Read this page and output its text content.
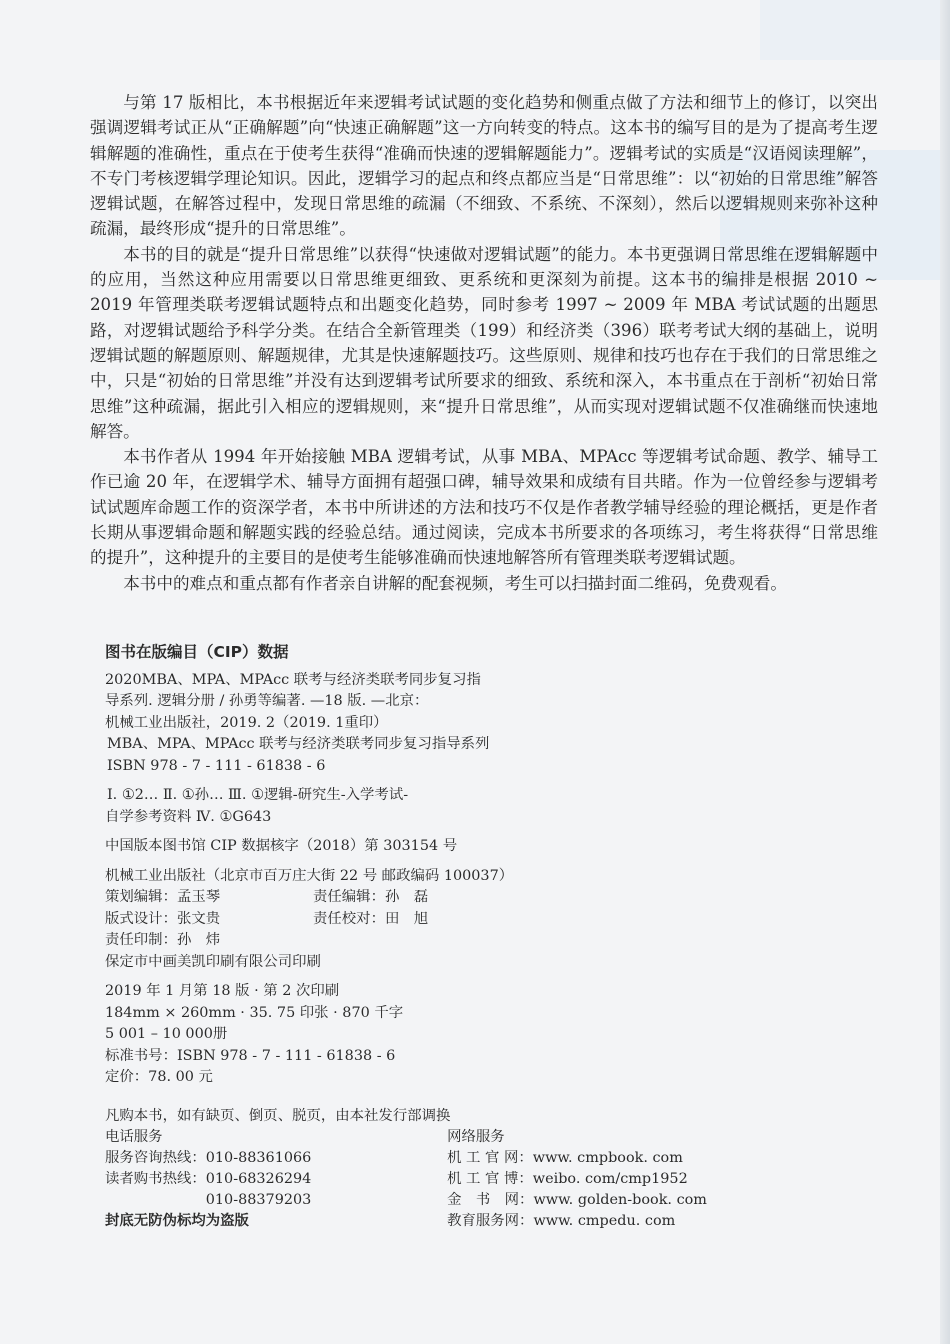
与第 17 版相比，本书根据近年来逻辑考试试题的变化趋势和侧重点做了方法和细节上的修订，以突出强调逻辑考试正从“正确解题”向“快速正确解题”这一方向转变的特点。这本书的编写目的是为了提高考生逻辑解题的准确性，重点在于使考生获得“准确而快速的逻辑解题能力”。逻辑考试的实质是“汉语阅读理解”，不专门考核逻辑学理论知识。因此，逻辑学习的起点和终点都应当是“日常思维”：以“初始的日常思维”解答逻辑试题，在解答过程中，发现日常思维的疏漏（不细致、不系统、不深刻），然后以逻辑规则来弥补这种疏漏，最终形成“提升的日常思维”。

本书的目的就是“提升日常思维”以获得“快速做对逻辑试题”的能力。本书更强调日常思维在逻辑解题中的应用，当然这种应用需要以日常思维更细致、更系统和更深刻为前提。这本书的编排是根据 2010 ~ 2019 年管理类联考逻辑试题特点和出题变化趋势，同时参考 1997 ~ 2009 年 MBA 考试试题的出题思路，对逻辑试题给予科学分类。在结合全新管理类（199）和经济类（396）联考考试大纲的基础上，说明逻辑试题的解题原则、解题规律，尤其是快速解题技巧。这些原则、规律和技巧也存在于我们的日常思维之中，只是“初始的日常思维”并没有达到逻辑考试所要求的细致、系统和深入，本书重点在于剖析“初始日常思维”这种疏漏，据此引入相应的逻辑规则，来“提升日常思维”，从而实现对逻辑试题不仅准确继而快速地解答。

本书作者从 1994 年开始接触 MBA 逻辑考试，从事 MBA、MPAcc 等逻辑考试命题、教学、辅导工作已逾 20 年，在逻辑学术、辅导方面拥有超强口碑，辅导效果和成绩有目共睹。作为一位曾经参与逻辑考试试题库命题工作的资深学者，本书中所讲述的方法和技巧不仅是作者教学辅导经验的理论概括，更是作者长期从事逻辑命题和解题实践的经验总结。通过阅读，完成本书所要求的各项练习，考生将获得“日常思维的提升”，这种提升的主要目的是使考生能够准确而快速地解答所有管理类联考逻辑试题。

本书中的难点和重点都有作者亲自讲解的配套视频，考生可以扫描封面二维码，免费观看。

图书在版编目（CIP）数据
2020MBA、MPA、MPAcc 联考与经济类联考同步复习指
导系列. 逻辑分册 / 孙勇等编著. —18 版. —北京：
机械工业出版社，2019. 2（2019. 1重印）
MBA、MPA、MPAcc 联考与经济类联考同步复习指导系列
ISBN 978 - 7 - 111 - 61838 - 6
Ⅰ. ①2… Ⅱ. ①孙… Ⅲ. ①逻辑-研究生-入学考试-
自学参考资料 Ⅳ. ①G643
中国版本图书馆 CIP 数据核字（2018）第 303154 号
机械工业出版社（北京市百万庄大街 22 号 邮政编码 100037）
策划编辑：孟玉琴	责任编辑：孙　磊
版式设计：张文贵	责任校对：田　旭
责任印制：孙　炜
保定市中画美凯印刷有限公司印刷
2019 年 1 月第 18 版 · 第 2 次印刷
184mm × 260mm · 35. 75 印张 · 870 千字
5 001 – 10 000册
标准书号：ISBN 978 - 7 - 111 - 61838 - 6
定价：78. 00 元
凡购本书，如有缺页、倒页、脱页，由本社发行部调换
电话服务	网络服务
服务咨询热线：010-88361066	机 工 官 网：www. cmpbook. com
读者购书热线：010-68326294	机 工 官 博：weibo. com/cmp1952
　　　　　　　010-88379203	金　书　网：www. golden-book. com
封底无防伪标均为盗版	教育服务网：www. cmpedu. com
